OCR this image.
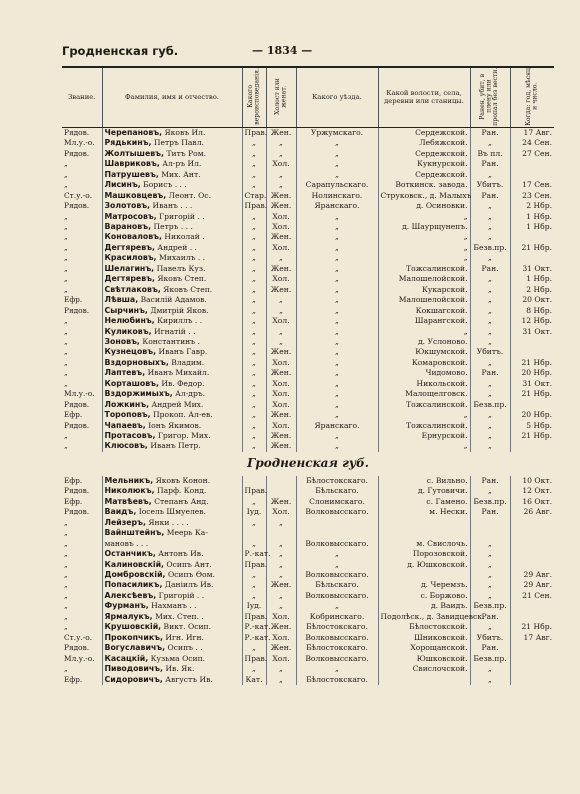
Гродненская губ.	— 1834 —
Звание.	Фамилия, имя и отчество.	Какого вероисповеданія.	Холост или женат.	Какого уѣзда.	Какой волости, села, деревни или станицы.	Ранен, убит, в плену или пропал без вести.	Когда: год, мѣсяц и число.
Рядов.	Черепановъ, Яковъ Ил.	Прав.	Жен.	Уржумскаго.	Сердежской.	Ран.	17 Авг.
Мл.у.-о.	Рядькинъ, Петръ Павл.	„	„	„	Лебяжской.	„	24 Сен.
Рядов.	Жолтышевъ, Титъ Ром.	„	„	„	Сердежской.	Въ пл.	27 Сен.
„	Шавриковъ, Ал-ръ Ил.	„	Хол.	„	Кукнурской.	Ран.	
„	Патрушевъ, Мих. Ант.	„	„	„	Сердежской.	„	
„	Лисинъ, Борисъ . . .	„	„	Сарапульскаго.	Воткинск. завода.	Убитъ.	17 Сен.
Ст.у.-о.	Машковцевъ, Леонт. Ос.	Стар.	Жен.	Нолинскаго.	Струковск., д. Малыхъ	Ран.	23 Сен.
Рядов.	Золотовъ, Иванъ . . .	Прав.	Жен.	Яранскаго.	д. Осиновки.	„	2 Нбр.
„	Матросовъ, Григорій . .	„	Хол.	„	„	„	1 Нбр.
„	Варановъ, Петръ . . .	„	Хол.	„	д. Шаурщунепъ.	„	1 Нбр.
„	Коноваловъ, Николай .	„	Жен.	„	„	„	
„	Дегтяревъ, Андрей . .	„	Хол.	„	„	Безв.пр.	21 Нбр.
„	Красиловъ, Михаилъ . .	„	„	„	„	„	
„	Шелагинъ, Павелъ Куз.	„	Жен.	„	Тожсалинской.	Ран.	31 Окт.
„	Дегтяревъ, Яковъ Степ.	„	Хол.	„	Малошелойской.	„	1 Нбр.
„	Свѣтлаковъ, Яковъ Степ.	„	Жен.	„	Кукарской.	„	2 Нбр.
Ефр.	Лѣвша, Василій Адамов.	„	„	„	Малошелойской.	„	20 Окт.
Рядов.	Сырчинъ, Дмитрій Яков.	„	„	„	Кокшагской.	„	8 Нбр.
„	Нелюбинъ, Кириллъ . .	„	Хол.	„	Шарангской.	„	12 Нбр.
„	Куликовъ, Игнатій . .	„	„	„	„	„	31 Окт.
„	Зоновъ, Константинъ .	„	„	„	д. Услоново.	„	
„	Кузнецовъ, Иванъ Гавр.	„	Жен.	„	Юкшумской.	Убитъ.	
„	Вздорновыхъ, Владим.	„	Хол.	„	Комаровской.	„	21 Нбр.
„	Лаптевъ, Иванъ Михайл.	„	Жен.	„	Чидомово.	Ран.	20 Нбр.
„	Корташовъ, Ив. Федор.	„	Хол.	„	Никольской.	„	31 Окт.
Мл.у.-о.	Вздоржимыхъ, Ал-дръ.	„	Хол.	„	Малощелговск.	„	21 Нбр.
Рядов.	Ложкинъ, Андрей Мих.	„	Хол.	„	Тожсалинской.	Безв.пр.	
Ефр.	Тороповъ, Прокоп. Ал-ев.	„	Жен.	„	„	„	20 Нбр.
Рядов.	Чапаевъ, Іонъ Якимов.	„	Хол.	Яранскаго.	Тожсалинской.	„	5 Нбр.
„	Протасовъ, Григор. Мих.	„	Жен.	„	Ернурской.	„	21 Нбр.
„	Клюсовъ, Иванъ Петр.	„	Жен.	„	„	„	
Гродненская губ.							
Ефр.	Мельникъ, Яковъ Конон.			Бѣлостокскаго.	с. Вильно.	Ран.	10 Окт.
Рядов.	Николюкъ, Парф. Конд.	Прав.		Бѣльскаго.	д. Гутовичи.	„	12 Окт.
Ефр.	Матвѣевъ, Степанъ Анд.	„	Жен.	Слонимскаго.	с. Гамено.	Безв.пр.	16 Окт.
Рядов.	Ваидъ, Іосель Шмуелев.	Іуд.	Хол.	Волковысскаго.	м. Нески.	Ран.	26 Авг.
„	Лейзеръ, Янки . . . .	„	„				
„	Вайнштейнъ, Меерь Ка-						
„	мановъ . . .	„	„	Волковысскаго.	м. Свислочь.	„	
„	Останчикъ, Антонъ Ив.	Р.-кат.	„	„	Порозовской.	„	
„	Калиновскій, Осипъ Ант.	Прав.	„	„	д. Юшковской.	„	
„	Домбровскій, Осипъ Ѳом.	„	„	Волковысскаго.		„	29 Авг.
„	Попасиликъ, Даніилъ Ив.	„	Жен.	Бѣльскаго.	д. Черемзъ.	„	29 Авг.
„	Алексѣевъ, Григорій . .	„	„	Волковысскаго.	с. Боржово.	„	21 Сен.
„	Фурманъ, Нахманъ . .	Іуд.	„	„	д. Ваидъ.	Безв.пр.	
„	Ярмалукъ, Мих. Степ. .	Прав.	Хол.	Кобринскаго.	Подолѣск., д. Завидцевск.	Ран.	
„	Крушовскій, Викт. Осип.	Р.-кат.	Жен.	Бѣлостокскаго.	Бѣлостокской.	„	21 Нбр.
Ст.у.-о.	Прокопчикъ, Игн. Игн.	Р.-кат.	Хол.	Волковысскаго.	Шниковской.	Убитъ.	17 Авг.
Рядов.	Вогуславичъ, Осипъ . .	„	Жен.	Бѣлостокскаго.	Хорощанской.	Ран.	
Мл.у.-о.	Касацкій, Кузьма Осип.	Прав.	Хол.	Волковысскаго.	Юшковской.	Безв.пр.	
„	Пиводовичъ, Ив. Як.	„	„	„	Свислочской.	„	
Ефр.	Сидоровичъ, Августъ Ив.	Кат.	„	Бѣлостокскаго.		„	
